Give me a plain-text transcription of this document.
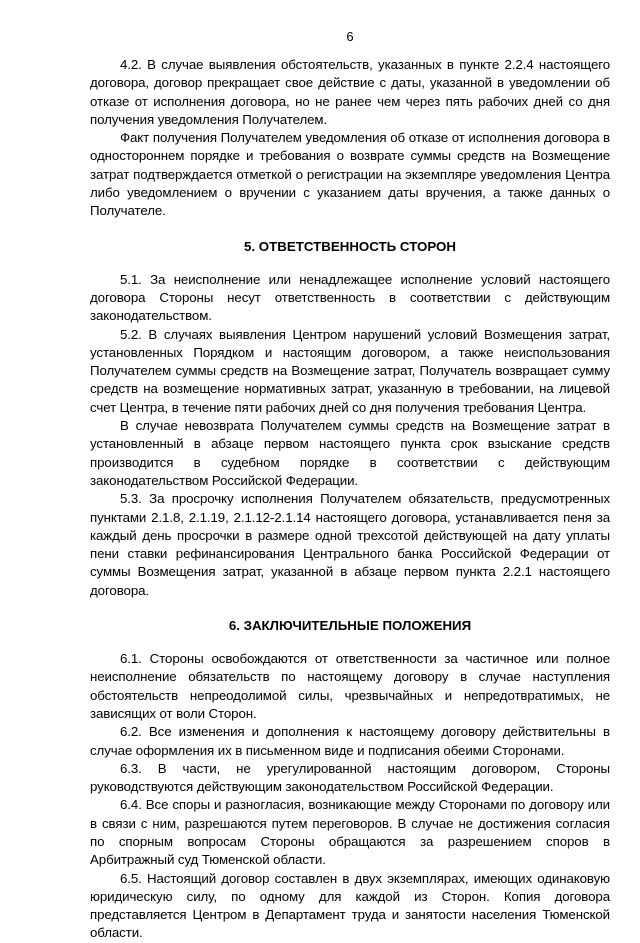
6

4.2. В случае выявления обстоятельств, указанных в пункте 2.2.4 настоящего договора, договор прекращает свое действие с даты, указанной в уведомлении об отказе от исполнения договора, но не ранее чем через пять рабочих дней со дня получения уведомления Получателем.

Факт получения Получателем уведомления об отказе от исполнения договора в одностороннем порядке и требования о возврате суммы средств на Возмещение затрат подтверждается отметкой о регистрации на экземпляре уведомления Центра либо уведомлением о вручении с указанием даты вручения, а также данных о Получателе.

5. ОТВЕТСТВЕННОСТЬ СТОРОН

5.1. За неисполнение или ненадлежащее исполнение условий настоящего договора Стороны несут ответственность в соответствии с действующим законодательством.

5.2. В случаях выявления Центром нарушений условий Возмещения затрат, установленных Порядком и настоящим договором, а также неиспользования Получателем суммы средств на Возмещение затрат, Получатель возвращает сумму средств на возмещение нормативных затрат, указанную в требовании, на лицевой счет Центра, в течение пяти рабочих дней со дня получения требования Центра.

В случае невозврата Получателем суммы средств на Возмещение затрат в установленный в абзаце первом настоящего пункта срок взыскание средств производится в судебном порядке в соответствии с действующим законодательством Российской Федерации.

5.3. За просрочку исполнения Получателем обязательств, предусмотренных пунктами 2.1.8, 2.1.19, 2.1.12-2.1.14 настоящего договора, устанавливается пеня за каждый день просрочки в размере одной трехсотой действующей на дату уплаты пени ставки рефинансирования Центрального банка Российской Федерации от суммы Возмещения затрат, указанной в абзаце первом пункта 2.2.1 настоящего договора.

6. ЗАКЛЮЧИТЕЛЬНЫЕ ПОЛОЖЕНИЯ

6.1. Стороны освобождаются от ответственности за частичное или полное неисполнение обязательств по настоящему договору в случае наступления обстоятельств непреодолимой силы, чрезвычайных и непредотвратимых, не зависящих от воли Сторон.

6.2. Все изменения и дополнения к настоящему договору действительны в случае оформления их в письменном виде и подписания обеими Сторонами.

6.3. В части, не урегулированной настоящим договором, Стороны руководствуются действующим законодательством Российской Федерации.

6.4. Все споры и разногласия, возникающие между Сторонами по договору или в связи с ним, разрешаются путем переговоров. В случае не достижения согласия по спорным вопросам Стороны обращаются за разрешением споров в Арбитражный суд Тюменской области.

6.5. Настоящий договор составлен в двух экземплярах, имеющих одинаковую юридическую силу, по одному для каждой из Сторон. Копия договора представляется Центром в Департамент труда и занятости населения Тюменской области.
